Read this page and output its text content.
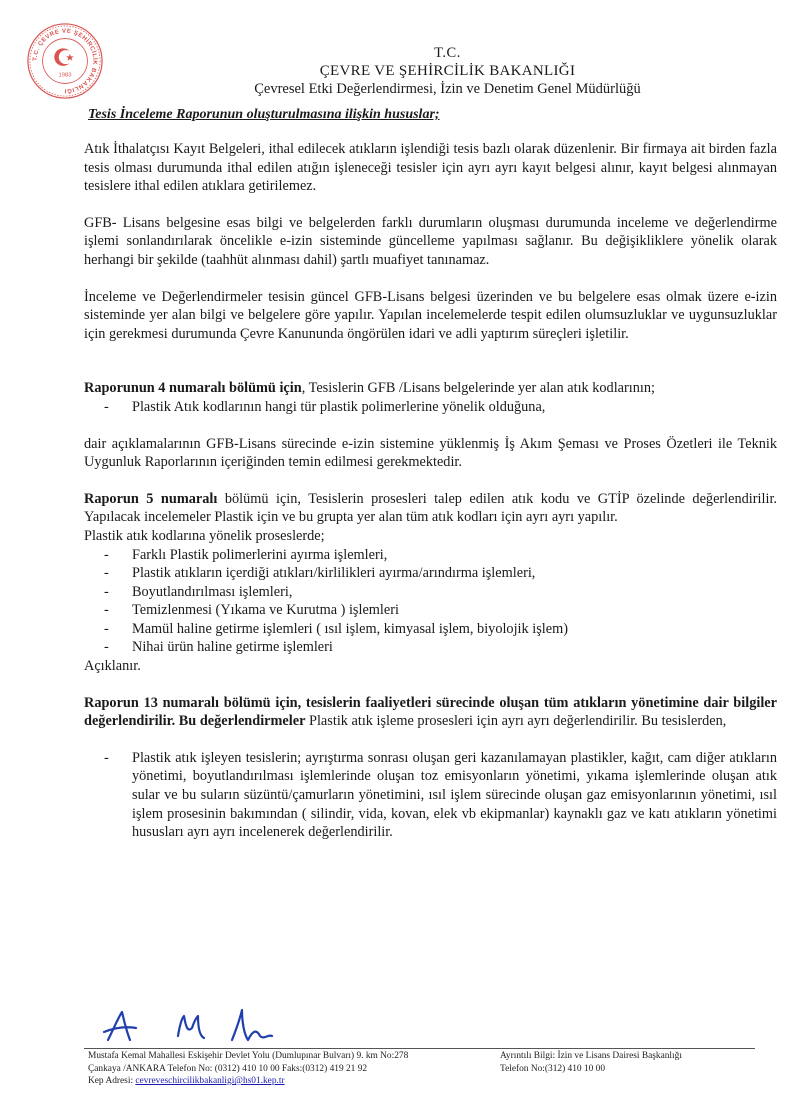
T.C. ÇEVRE VE ŞEHİRCİLİK BAKANLIĞI
1983
T.C.
ÇEVRE VE ŞEHİRCİLİK BAKANLIĞI
Çevresel Etki Değerlendirmesi, İzin ve Denetim Genel Müdürlüğü
Tesis İnceleme Raporunun oluşturulmasına ilişkin hususlar;

Atık İthalatçısı Kayıt Belgeleri, ithal edilecek atıkların işlendiği tesis bazlı olarak düzenlenir. Bir firmaya ait birden fazla tesis olması durumunda ithal edilen atığın işleneceği tesisler için ayrı ayrı kayıt belgesi alınır, kayıt belgesi alınmayan tesislere ithal edilen atıklara getirilemez.

GFB- Lisans belgesine esas bilgi ve belgelerden farklı durumların oluşması durumunda inceleme ve değerlendirme işlemi sonlandırılarak öncelikle e-izin sisteminde güncelleme yapılması sağlanır. Bu değişikliklere yönelik olarak herhangi bir şekilde (taahhüt alınması dahil) şartlı muafiyet tanınamaz.

İnceleme ve Değerlendirmeler tesisin güncel GFB-Lisans belgesi üzerinden ve bu belgelere esas olmak üzere e-izin sisteminde yer alan bilgi ve belgelere göre yapılır. Yapılan incelemelerde tespit edilen olumsuzluklar ve uygunsuzluklar için gerekmesi durumunda Çevre Kanununda öngörülen idari ve adli yaptırım süreçleri işletilir.

Raporunun 4 numaralı bölümü için, Tesislerin GFB /Lisans belgelerinde yer alan atık kodlarının;

- Plastik Atık kodlarının hangi tür plastik polimerlerine yönelik olduğuna,

dair açıklamalarının GFB-Lisans sürecinde e-izin sistemine yüklenmiş İş Akım Şeması ve Proses Özetleri ile Teknik Uygunluk Raporlarının içeriğinden temin edilmesi gerekmektedir.

Raporun 5 numaralı bölümü için, Tesislerin prosesleri talep edilen atık kodu ve GTİP özelinde değerlendirilir. Yapılacak incelemeler Plastik için ve bu grupta yer alan tüm atık kodları için ayrı ayrı yapılır.

Plastik atık kodlarına yönelik proseslerde;

- Farklı Plastik polimerlerini ayırma işlemleri,
- Plastik atıkların içerdiği atıkları/kirlilikleri ayırma/arındırma işlemleri,
- Boyutlandırılması işlemleri,
- Temizlenmesi (Yıkama ve Kurutma ) işlemleri
- Mamül haline getirme işlemleri ( ısıl işlem, kimyasal işlem, biyolojik işlem)
- Nihai ürün haline getirme işlemleri

Açıklanır.

Raporun 13 numaralı bölümü için, tesislerin faaliyetleri sürecinde oluşan tüm atıkların yönetimine dair bilgiler değerlendirilir. Bu değerlendirmeler Plastik atık işleme prosesleri için ayrı ayrı değerlendirilir. Bu tesislerden,

- Plastik atık işleyen tesislerin; ayrıştırma sonrası oluşan geri kazanılamayan plastikler, kağıt, cam diğer atıkların yönetimi, boyutlandırılması işlemlerinde oluşan toz emisyonların yönetimi, yıkama işlemlerinde oluşan atık sular ve bu suların süzüntü/çamurların yönetimini, ısıl işlem sürecinde oluşan gaz emisyonlarının yönetimi, ısıl işlem prosesinin bakımından ( silindir, vida, kovan, elek vb ekipmanlar) kaynaklı gaz ve katı atıkların yönetimi hususları ayrı ayrı incelenerek değerlendirilir.
Mustafa Kemal Mahallesi Eskişehir Devlet Yolu (Dumlupınar Bulvarı) 9. km No:278
Çankaya /ANKARA Telefon No: (0312) 410 10 00 Faks:(0312) 419 21 92
Kep Adresi: cevreveschircilikbakanligi@hs01.kep.tr
Ayrıntılı Bilgi: İzin ve Lisans Dairesi Başkanlığı
Telefon No:(312) 410 10 00
